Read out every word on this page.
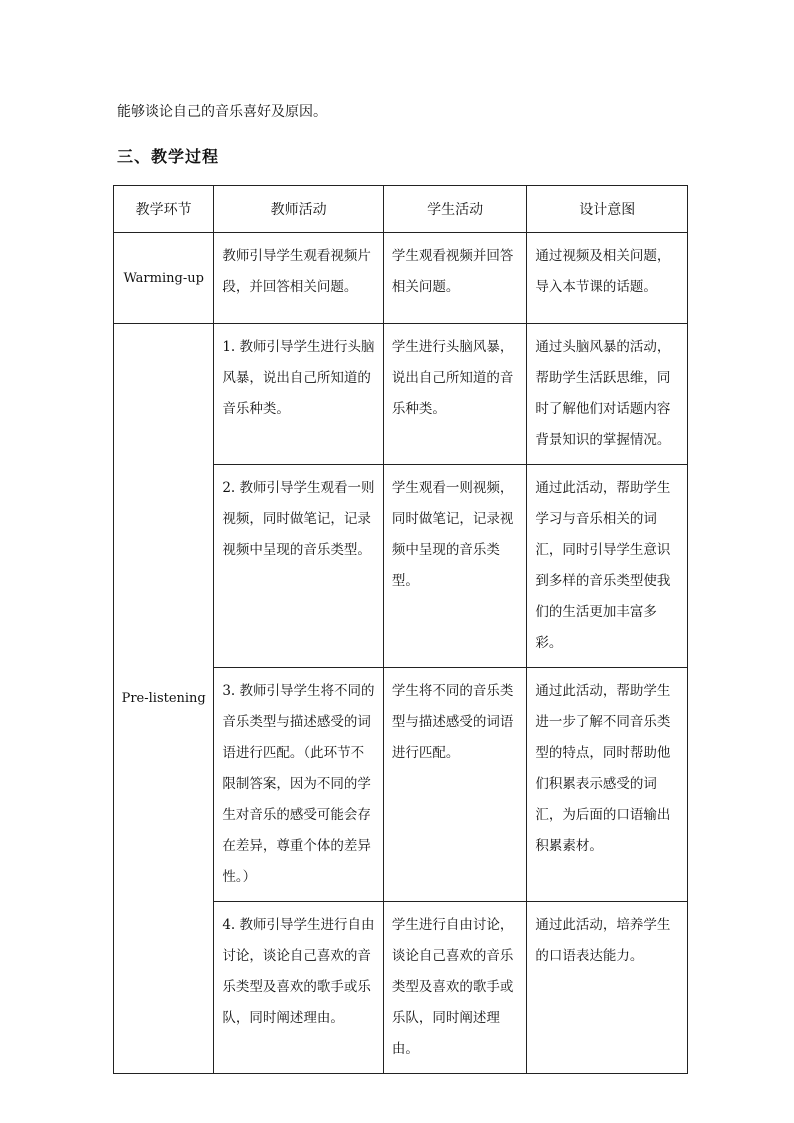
能够谈论自己的音乐喜好及原因。
三、教学过程
教学环节	教师活动	学生活动	设计意图
Warming-up	教师引导学生观看视频片段，并回答相关问题。	学生观看视频并回答相关问题。	通过视频及相关问题，导入本节课的话题。
Pre-listening	1. 教师引导学生进行头脑风暴，说出自己所知道的音乐种类。	学生进行头脑风暴，说出自己所知道的音乐种类。	通过头脑风暴的活动，帮助学生活跃思维，同时了解他们对话题内容背景知识的掌握情况。
	2. 教师引导学生观看一则视频，同时做笔记，记录视频中呈现的音乐类型。	学生观看一则视频，同时做笔记，记录视频中呈现的音乐类型。	通过此活动，帮助学生学习与音乐相关的词汇，同时引导学生意识到多样的音乐类型使我们的生活更加丰富多彩。
	3. 教师引导学生将不同的音乐类型与描述感受的词语进行匹配。（此环节不限制答案，因为不同的学生对音乐的感受可能会存在差异，尊重个体的差异性。）	学生将不同的音乐类型与描述感受的词语进行匹配。	通过此活动，帮助学生进一步了解不同音乐类型的特点，同时帮助他们积累表示感受的词汇，为后面的口语输出积累素材。
	4. 教师引导学生进行自由讨论，谈论自己喜欢的音乐类型及喜欢的歌手或乐队，同时阐述理由。	学生进行自由讨论，谈论自己喜欢的音乐类型及喜欢的歌手或乐队，同时阐述理由。	通过此活动，培养学生的口语表达能力。
